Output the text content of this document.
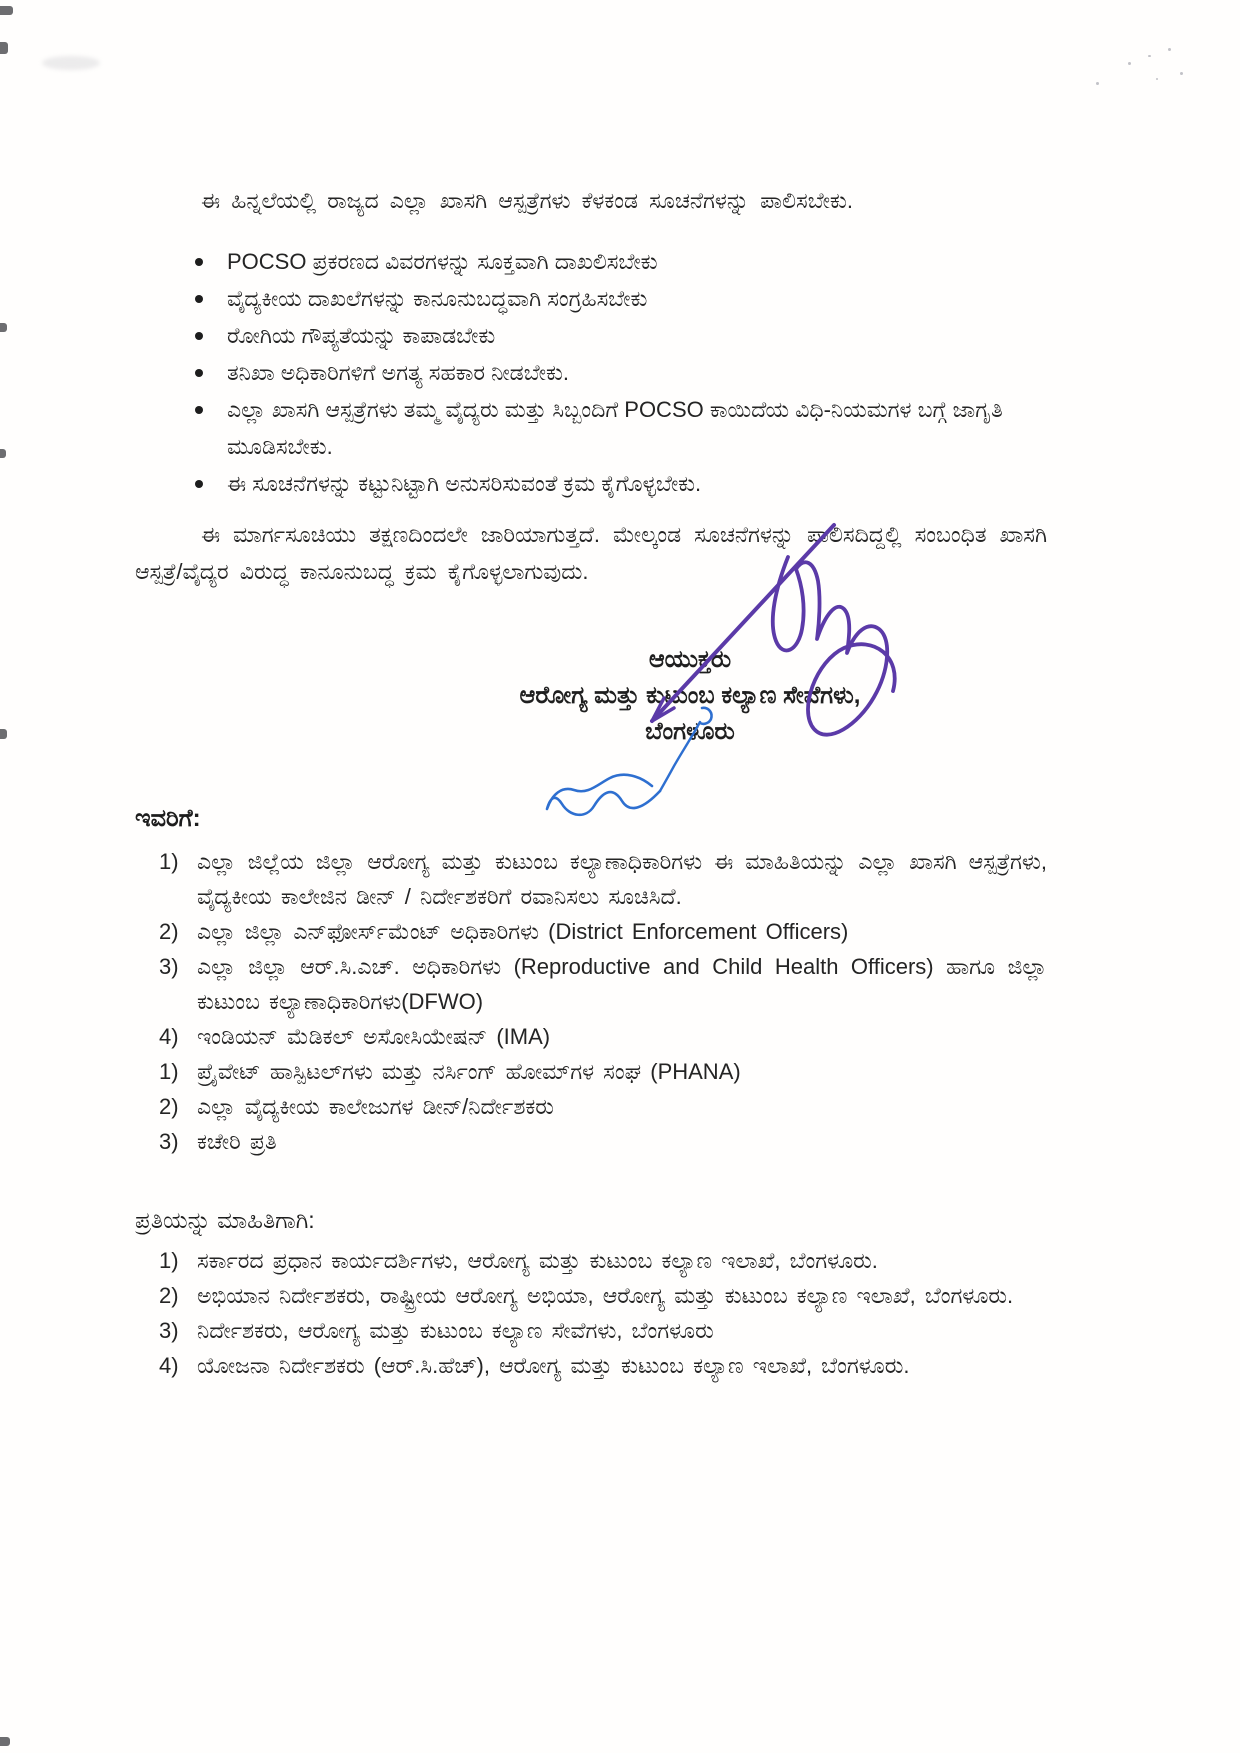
ಈ ಹಿನ್ನಲೆಯಲ್ಲಿ ರಾಜ್ಯದ ಎಲ್ಲಾ ಖಾಸಗಿ ಆಸ್ಪತ್ರೆಗಳು ಕೆಳಕಂಡ ಸೂಚನೆಗಳನ್ನು ಪಾಲಿಸಬೇಕು.

POCSO ಪ್ರಕರಣದ ವಿವರಗಳನ್ನು ಸೂಕ್ತವಾಗಿ ದಾಖಲಿಸಬೇಕು
ವೈದ್ಯಕೀಯ ದಾಖಲೆಗಳನ್ನು ಕಾನೂನುಬದ್ಧವಾಗಿ ಸಂಗ್ರಹಿಸಬೇಕು
ರೋಗಿಯ ಗೌಪ್ಯತೆಯನ್ನು ಕಾಪಾಡಬೇಕು
ತನಿಖಾ ಅಧಿಕಾರಿಗಳಿಗೆ ಅಗತ್ಯ ಸಹಕಾರ ನೀಡಬೇಕು.
ಎಲ್ಲಾ ಖಾಸಗಿ ಆಸ್ಪತ್ರೆಗಳು ತಮ್ಮ ವೈದ್ಯರು ಮತ್ತು ಸಿಬ್ಬಂದಿಗೆ POCSO ಕಾಯಿದೆಯ ವಿಧಿ-ನಿಯಮಗಳ ಬಗ್ಗೆ ಜಾಗೃತಿ ಮೂಡಿಸಬೇಕು.
ಈ ಸೂಚನೆಗಳನ್ನು ಕಟ್ಟುನಿಟ್ಟಾಗಿ ಅನುಸರಿಸುವಂತೆ ಕ್ರಮ ಕೈಗೊಳ್ಳಬೇಕು.

ಈ ಮಾರ್ಗಸೂಚಿಯು ತಕ್ಷಣದಿಂದಲೇ ಜಾರಿಯಾಗುತ್ತದೆ. ಮೇಲ್ಕಂಡ ಸೂಚನೆಗಳನ್ನು ಪಾಲಿಸದಿದ್ದಲ್ಲಿ ಸಂಬಂಧಿತ ಖಾಸಗಿ ಆಸ್ಪತ್ರೆ/ವೈದ್ಯರ ವಿರುದ್ಧ ಕಾನೂನುಬದ್ಧ ಕ್ರಮ ಕೈಗೊಳ್ಳಲಾಗುವುದು.

ಆಯುಕ್ತರು
ಆರೋಗ್ಯ ಮತ್ತು ಕುಟುಂಬ ಕಲ್ಯಾಣ ಸೇವೆಗಳು,
ಬೆಂಗಳೂರು
ಇವರಿಗೆ:
1) ಎಲ್ಲಾ ಜಿಲ್ಲೆಯ ಜಿಲ್ಲಾ ಆರೋಗ್ಯ ಮತ್ತು ಕುಟುಂಬ ಕಲ್ಯಾಣಾಧಿಕಾರಿಗಳು ಈ ಮಾಹಿತಿಯನ್ನು ಎಲ್ಲಾ ಖಾಸಗಿ ಆಸ್ಪತ್ರೆಗಳು, ವೈದ್ಯಕೀಯ ಕಾಲೇಜಿನ ಡೀನ್ / ನಿರ್ದೇಶಕರಿಗೆ ರವಾನಿಸಲು ಸೂಚಿಸಿದೆ.
2) ಎಲ್ಲಾ ಜಿಲ್ಲಾ ಎನ್‌ಫೋರ್ಸ್‌ಮೆಂಟ್ ಅಧಿಕಾರಿಗಳು (District Enforcement Officers)
3) ಎಲ್ಲಾ ಜಿಲ್ಲಾ ಆರ್.ಸಿ.ಎಚ್. ಅಧಿಕಾರಿಗಳು (Reproductive and Child Health Officers) ಹಾಗೂ ಜಿಲ್ಲಾ ಕುಟುಂಬ ಕಲ್ಯಾಣಾಧಿಕಾರಿಗಳು(DFWO)
4) ಇಂಡಿಯನ್ ಮೆಡಿಕಲ್ ಅಸೋಸಿಯೇಷನ್ (IMA)
1) ಪ್ರೈವೇಟ್ ಹಾಸ್ಪಿಟಲ್‌ಗಳು ಮತ್ತು ನರ್ಸಿಂಗ್ ಹೋಮ್‌ಗಳ ಸಂಘ (PHANA)
2) ಎಲ್ಲಾ ವೈದ್ಯಕೀಯ ಕಾಲೇಜುಗಳ ಡೀನ್/ನಿರ್ದೇಶಕರು
3) ಕಚೇರಿ ಪ್ರತಿ
ಪ್ರತಿಯನ್ನು ಮಾಹಿತಿಗಾಗಿ:
1) ಸರ್ಕಾರದ ಪ್ರಧಾನ ಕಾರ್ಯದರ್ಶಿಗಳು, ಆರೋಗ್ಯ ಮತ್ತು ಕುಟುಂಬ ಕಲ್ಯಾಣ ಇಲಾಖೆ, ಬೆಂಗಳೂರು.
2) ಅಭಿಯಾನ ನಿರ್ದೇಶಕರು, ರಾಷ್ಟ್ರೀಯ ಆರೋಗ್ಯ ಅಭಿಯಾ, ಆರೋಗ್ಯ ಮತ್ತು ಕುಟುಂಬ ಕಲ್ಯಾಣ ಇಲಾಖೆ, ಬೆಂಗಳೂರು.
3) ನಿರ್ದೇಶಕರು, ಆರೋಗ್ಯ ಮತ್ತು ಕುಟುಂಬ ಕಲ್ಯಾಣ ಸೇವೆಗಳು, ಬೆಂಗಳೂರು
4) ಯೋಜನಾ ನಿರ್ದೇಶಕರು (ಆರ್.ಸಿ.ಹೆಚ್), ಆರೋಗ್ಯ ಮತ್ತು ಕುಟುಂಬ ಕಲ್ಯಾಣ ಇಲಾಖೆ, ಬೆಂಗಳೂರು.
